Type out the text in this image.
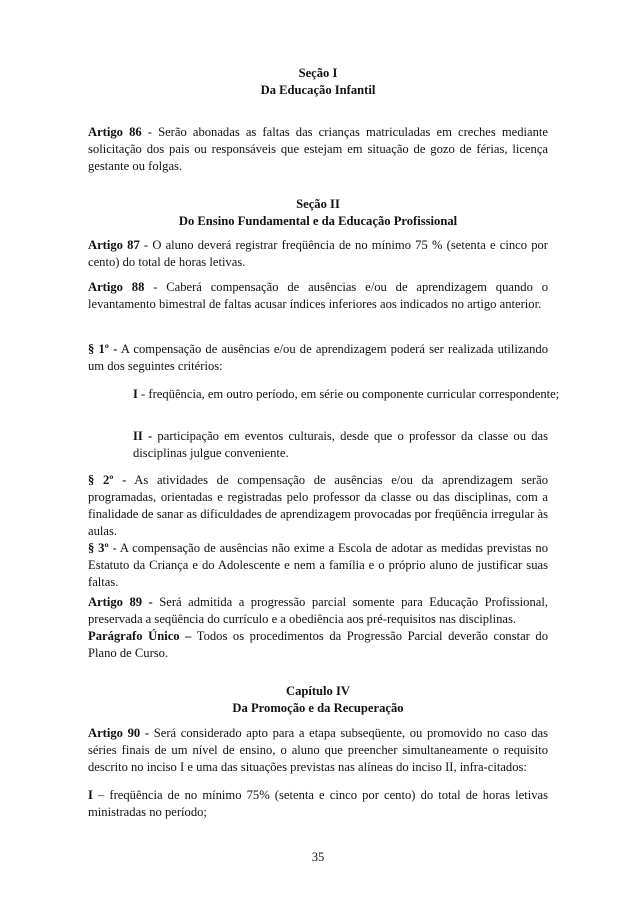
Seção I
Da Educação Infantil
Artigo 86 - Serão abonadas as faltas das crianças matriculadas em creches mediante solicitação dos pais ou responsáveis que estejam em situação de gozo de férias, licença gestante ou folgas.
Seção II
Do Ensino Fundamental e da Educação Profissional
Artigo 87 - O aluno deverá registrar freqüência de no mínimo 75 % (setenta e cinco por cento) do total de horas letivas.
Artigo 88 - Caberá compensação de ausências e/ou de aprendizagem quando o levantamento bimestral de faltas acusar índices inferiores aos indicados no artigo anterior.
§ 1º - A compensação de ausências e/ou de aprendizagem poderá ser realizada utilizando um dos seguintes critérios:
I - freqüência, em outro período, em série ou componente curricular correspondente;
II - participação em eventos culturais, desde que o professor da classe ou das disciplinas julgue conveniente.
§ 2º - As atividades de compensação de ausências e/ou da aprendizagem serão programadas, orientadas e registradas pelo professor da classe ou das disciplinas, com a finalidade de sanar as dificuldades de aprendizagem provocadas por freqüência irregular às aulas.
§ 3º - A compensação de ausências não exime a Escola de adotar as medidas previstas no Estatuto da Criança e do Adolescente e nem a família e o próprio aluno de justificar suas faltas.
Artigo 89 - Será admitida a progressão parcial somente para Educação Profissional, preservada a seqüência do currículo e a obediência aos pré-requisitos nas disciplinas.
Parágrafo Único – Todos os procedimentos da Progressão Parcial deverão constar do Plano de Curso.
Capítulo IV
Da Promoção e da Recuperação
Artigo 90 - Será considerado apto para a etapa subseqüente, ou promovido no caso das séries finais de um nível de ensino, o aluno que preencher simultaneamente o requisito descrito no inciso I e uma das situações previstas nas alíneas do inciso II, infra-citados:
I – freqüência de no mínimo 75% (setenta e cinco por cento) do total de horas letivas ministradas no período;
35
